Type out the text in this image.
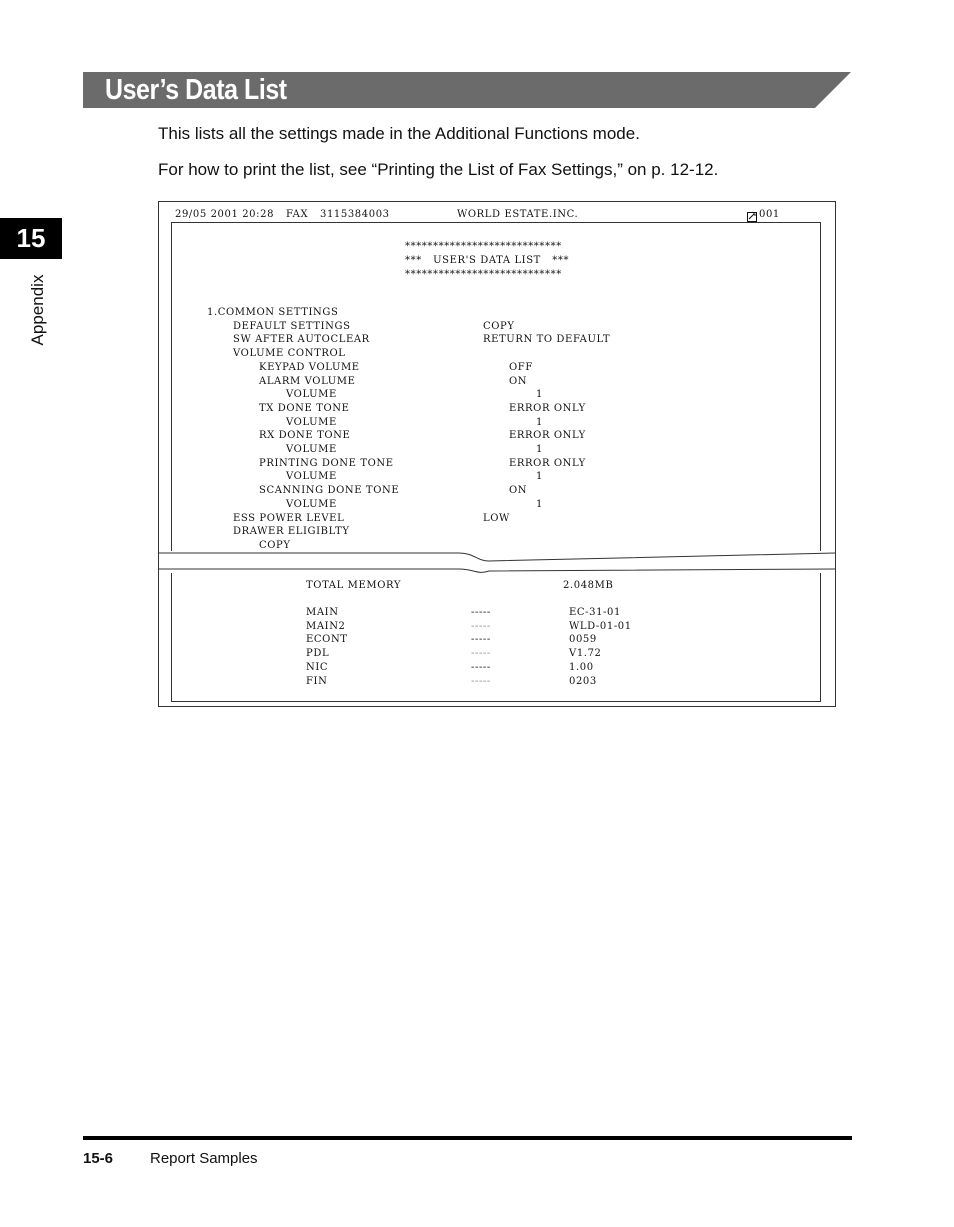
User’s Data List
This lists all the settings made in the Additional Functions mode.
For how to print the list, see “Printing the List of Fax Settings,” on p. 12-12.
15
Appendix
29/05 2001 20:28 FAX 3115384003	WORLD ESTATE.INC.	001
****************************
***   USER'S DATA LIST   ***
****************************
1.COMMON SETTINGS
DEFAULT SETTINGS	COPY
SW AFTER AUTOCLEAR	RETURN TO DEFAULT
VOLUME CONTROL
KEYPAD VOLUME	OFF
ALARM VOLUME	ON
VOLUME	1
TX DONE TONE	ERROR ONLY
VOLUME	1
RX DONE TONE	ERROR ONLY
VOLUME	1
PRINTING DONE TONE	ERROR ONLY
VOLUME	1
SCANNING DONE TONE	ON
VOLUME	1
ESS POWER LEVEL	LOW
DRAWER ELIGIBLTY
COPY
TOTAL MEMORY	2.048MB
MAIN	-----	EC-31-01
MAIN2	-----	WLD-01-01
ECONT	-----	0059
PDL	-----	V1.72
NIC	-----	1.00
FIN	-----	0203
15-6 Report Samples
